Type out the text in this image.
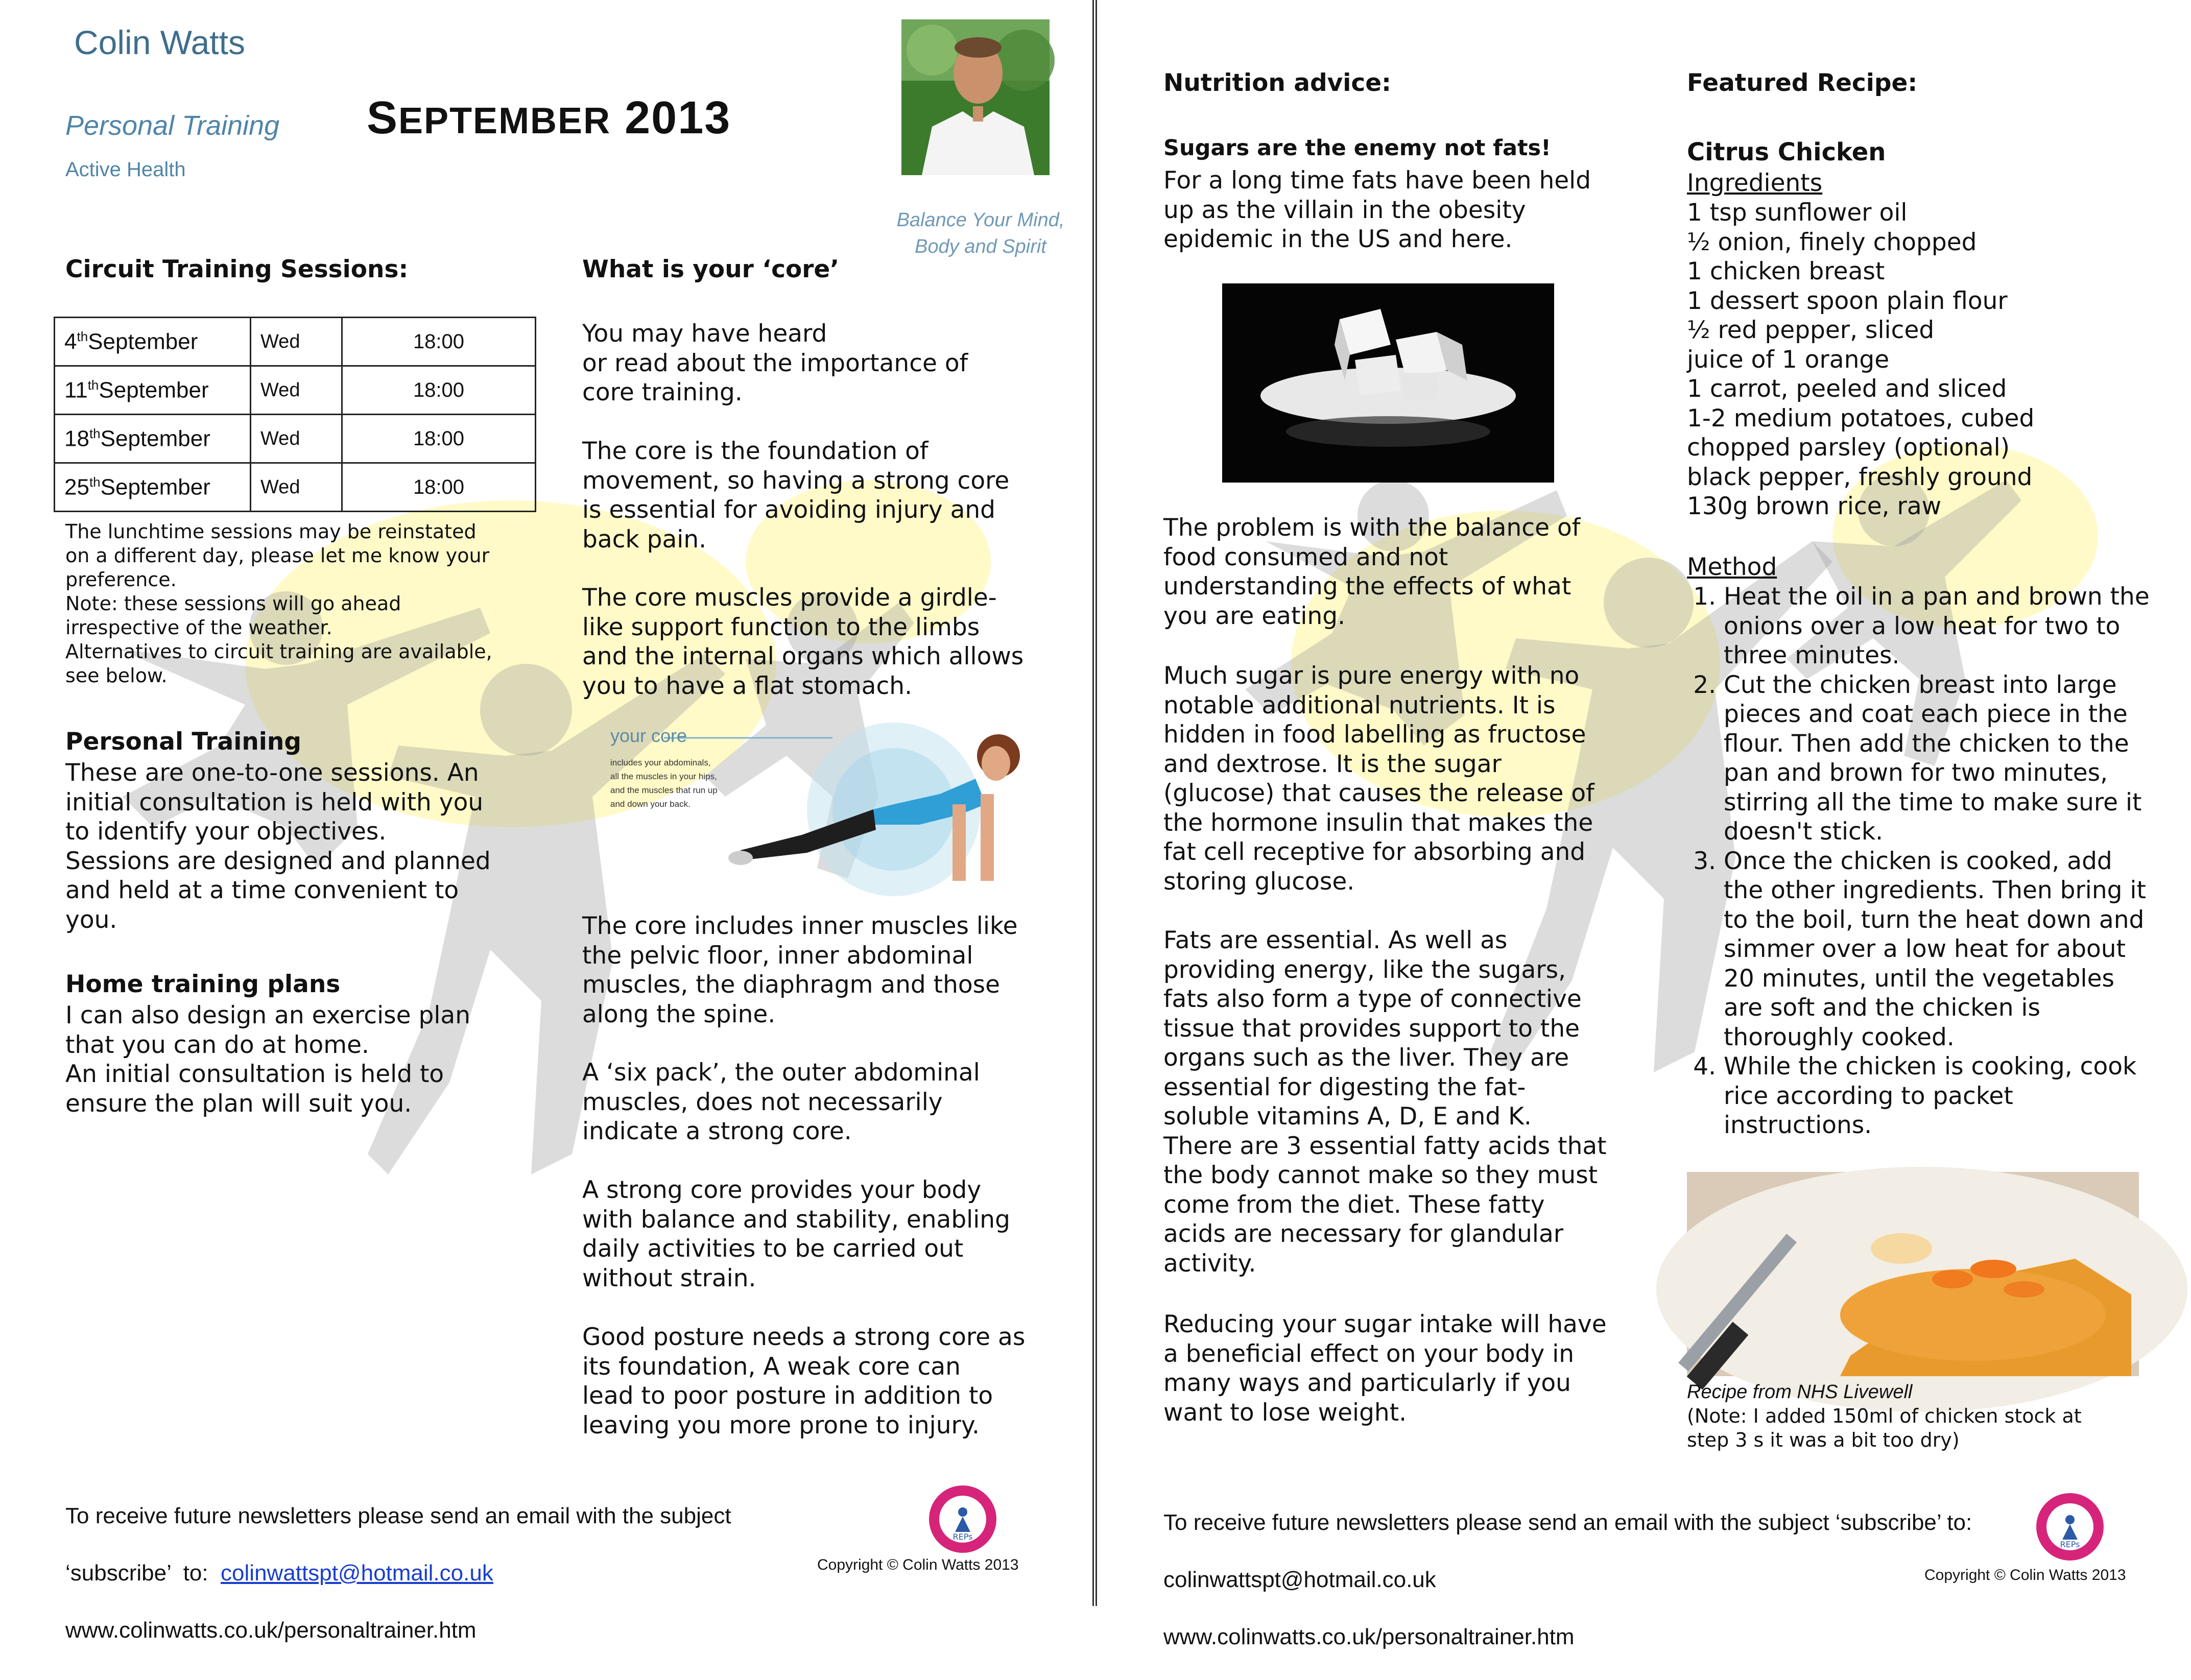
Colin Watts
Personal Training
Active Health
SEPTEMBER 2013
Balance Your Mind,
Body and Spirit
Circuit Training Sessions:
4thSeptember	Wed	18:00
11thSeptember	Wed	18:00
18thSeptember	Wed	18:00
25thSeptember	Wed	18:00
The lunchtime sessions may be reinstated
on a different day, please let me know your
preference.
Note: these sessions will go ahead
irrespective of the weather.
Alternatives to circuit training are available,
see below.
Personal Training
These are one-to-one sessions. An
initial consultation is held with you
to identify your objectives.
Sessions are designed and planned
and held at a time convenient to
you.
Home training plans
I can also design an exercise plan
that you can do at home.
An initial consultation is held to
ensure the plan will suit you.
What is your ‘core’
You may have heard
or read about the importance of
core training.
The core is the foundation of
movement, so having a strong core
is essential for avoiding injury and
back pain.
The core muscles provide a girdle-
like support function to the limbs
and the internal organs which allows
you to have a flat stomach.
your core
includes your abdominals,
all the muscles in your hips,
and the muscles that run up
and down your back.
The core includes inner muscles like
the pelvic floor, inner abdominal
muscles, the diaphragm and those
along the spine.
A ‘six pack’, the outer abdominal
muscles, does not necessarily
indicate a strong core.
A strong core provides your body
with balance and stability, enabling
daily activities to be carried out
without strain.
Good posture needs a strong core as
its foundation, A weak core can
lead to poor posture in addition to
leaving you more prone to injury.

To receive future newsletters please send an email with the subject

‘subscribe’  to:  colinwattspt@hotmail.co.uk

www.colinwatts.co.uk/personaltrainer.htm

REPs
Copyright © Colin Watts 2013
Nutrition advice:
Sugars are the enemy not fats!
For a long time fats have been held
up as the villain in the obesity
epidemic in the US and here.
The problem is with the balance of
food consumed and not
understanding the effects of what
you are eating.
Much sugar is pure energy with no
notable additional nutrients. It is
hidden in food labelling as fructose
and dextrose. It is the sugar
(glucose) that causes the release of
the hormone insulin that makes the
fat cell receptive for absorbing and
storing glucose.
Fats are essential. As well as
providing energy, like the sugars,
fats also form a type of connective
tissue that provides support to the
organs such as the liver. They are
essential for digesting the fat-
soluble vitamins A, D, E and K.
There are 3 essential fatty acids that
the body cannot make so they must
come from the diet. These fatty
acids are necessary for glandular
activity.
Reducing your sugar intake will have
a beneficial effect on your body in
many ways and particularly if you
want to lose weight.
Featured Recipe:
Citrus Chicken
Ingredients
1 tsp sunflower oil
½ onion, finely chopped
1 chicken breast
1 dessert spoon plain flour
½ red pepper, sliced
juice of 1 orange
1 carrot, peeled and sliced
1-2 medium potatoes, cubed
chopped parsley (optional)
black pepper, freshly ground
130g brown rice, raw
Method
1. Heat the oil in a pan and brown the onions over a low heat for two to three minutes.
2. Cut the chicken breast into large pieces and coat each piece in the flour. Then add the chicken to the pan and brown for two minutes, stirring all the time to make sure it doesn't stick.
3. Once the chicken is cooked, add the other ingredients. Then bring it to the boil, turn the heat down and simmer over a low heat for about 20 minutes, until the vegetables are soft and the chicken is thoroughly cooked.
4. While the chicken is cooking, cook rice according to packet instructions.
Recipe from NHS Livewell
(Note: I added 150ml of chicken stock at
step 3 s it was a bit too dry)

To receive future newsletters please send an email with the subject ‘subscribe’ to:

colinwattspt@hotmail.co.uk

www.colinwatts.co.uk/personaltrainer.htm

REPs
Copyright © Colin Watts 2013
